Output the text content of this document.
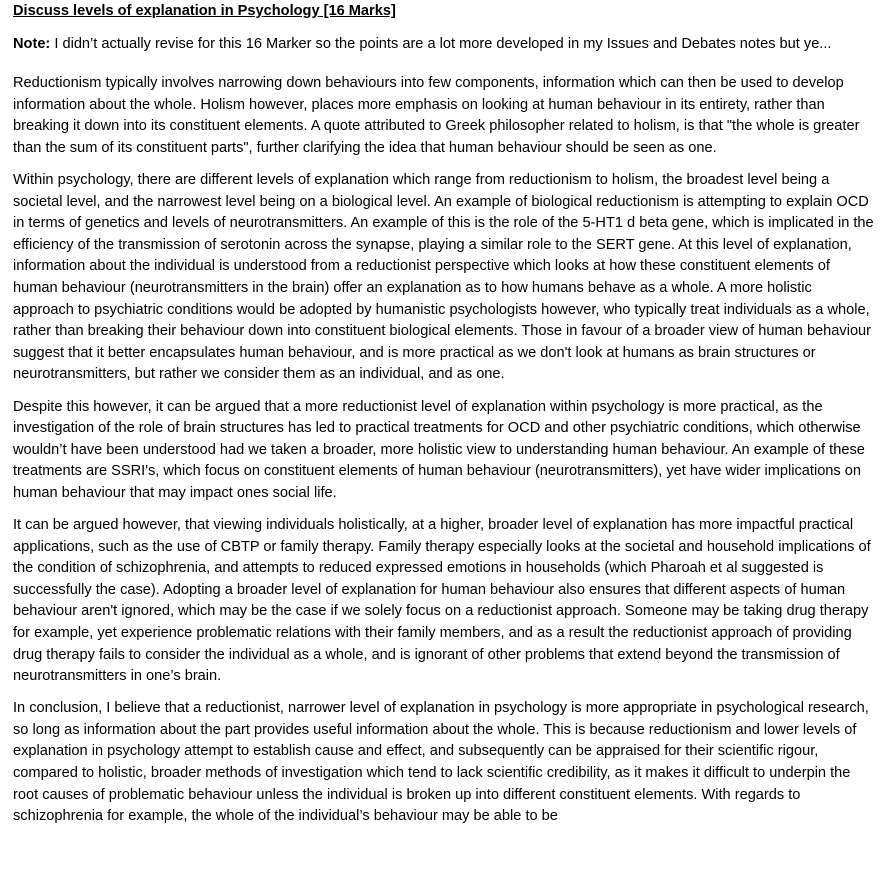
Discuss levels of explanation in Psychology [16 Marks]
Note: I didn’t actually revise for this 16 Marker so the points are a lot more developed in my Issues and Debates notes but ye...

Reductionism typically involves narrowing down behaviours into few components, information which can then be used to develop information about the whole. Holism however, places more emphasis on looking at human behaviour in its entirety, rather than breaking it down into its constituent elements. A quote attributed to Greek philosopher related to holism, is that "the whole is greater than the sum of its constituent parts", further clarifying the idea that human behaviour should be seen as one.

Within psychology, there are different levels of explanation which range from reductionism to holism, the broadest level being a societal level, and the narrowest level being on a biological level. An example of biological reductionism is attempting to explain OCD in terms of genetics and levels of neurotransmitters. An example of this is the role of the 5-HT1 d beta gene, which is implicated in the efficiency of the transmission of serotonin across the synapse, playing a similar role to the SERT gene. At this level of explanation, information about the individual is understood from a reductionist perspective which looks at how these constituent elements of human behaviour (neurotransmitters in the brain) offer an explanation as to how humans behave as a whole. A more holistic approach to psychiatric conditions would be adopted by humanistic psychologists however, who typically treat individuals as a whole, rather than breaking their behaviour down into constituent biological elements. Those in favour of a broader view of human behaviour suggest that it better encapsulates human behaviour, and is more practical as we don't look at humans as brain structures or neurotransmitters, but rather we consider them as an individual, and as one.

Despite this however, it can be argued that a more reductionist level of explanation within psychology is more practical, as the investigation of the role of brain structures has led to practical treatments for OCD and other psychiatric conditions, which otherwise wouldn’t have been understood had we taken a broader, more holistic view to understanding human behaviour. An example of these treatments are SSRI's, which focus on constituent elements of human behaviour (neurotransmitters), yet have wider implications on human behaviour that may impact ones social life.

It can be argued however, that viewing individuals holistically, at a higher, broader level of explanation has more impactful practical applications, such as the use of CBTP or family therapy. Family therapy especially looks at the societal and household implications of the condition of schizophrenia, and attempts to reduced expressed emotions in households (which Pharoah et al suggested is successfully the case). Adopting a broader level of explanation for human behaviour also ensures that different aspects of human behaviour aren't ignored, which may be the case if we solely focus on a reductionist approach. Someone may be taking drug therapy for example, yet experience problematic relations with their family members, and as a result the reductionist approach of providing drug therapy fails to consider the individual as a whole, and is ignorant of other problems that extend beyond the transmission of neurotransmitters in one’s brain.

In conclusion, I believe that a reductionist, narrower level of explanation in psychology is more appropriate in psychological research, so long as information about the part provides useful information about the whole. This is because reductionism and lower levels of explanation in psychology attempt to establish cause and effect, and subsequently can be appraised for their scientific rigour, compared to holistic, broader methods of investigation which tend to lack scientific credibility, as it makes it difficult to underpin the root causes of problematic behaviour unless the individual is broken up into different constituent elements. With regards to schizophrenia for example, the whole of the individual’s behaviour may be able to be
